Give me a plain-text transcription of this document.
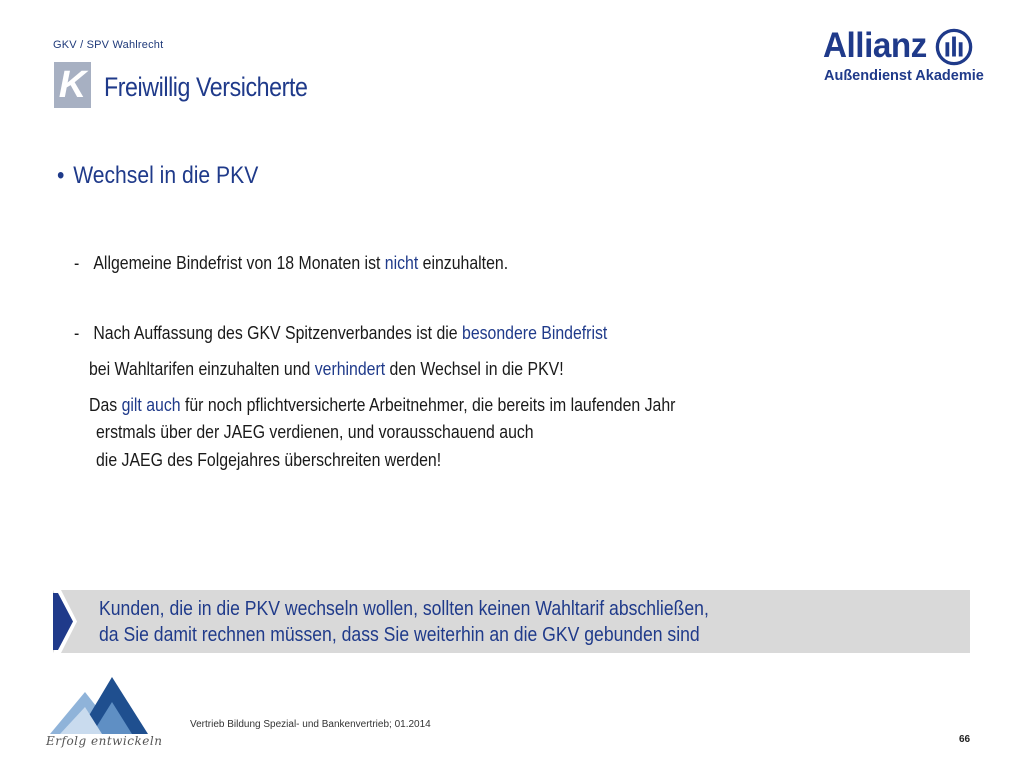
GKV / SPV Wahlrecht
K Freiwillig Versicherte
Allianz
Außendienst Akademie
• Wechsel in die PKV
- Allgemeine Bindefrist von 18 Monaten ist nicht einzuhalten.
- Nach Auffassung des GKV Spitzenverbandes ist die besondere Bindefrist
bei Wahltarifen einzuhalten und verhindert den Wechsel in die PKV!
Das gilt auch für noch pflichtversicherte Arbeitnehmer, die bereits im laufenden Jahr
erstmals über der JAEG verdienen, und vorausschauend auch
die JAEG des Folgejahres überschreiten werden!
Kunden, die in die PKV wechseln wollen, sollten keinen Wahltarif abschließen,
da Sie damit rechnen müssen, dass Sie weiterhin an die GKV gebunden sind
Erfolg entwickeln
Vertrieb Bildung Spezial- und Bankenvertrieb; 01.2014
66
